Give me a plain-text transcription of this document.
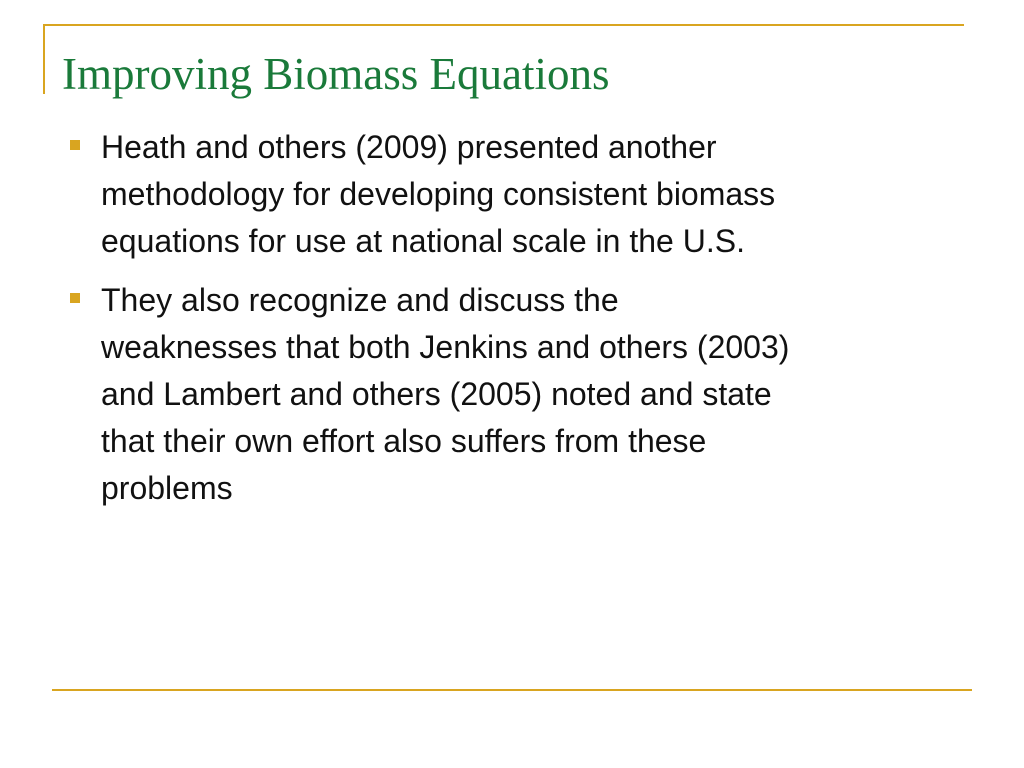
Improving Biomass Equations
Heath and others (2009) presented another
methodology for developing consistent biomass
equations for use at national scale in the U.S.
They also recognize and discuss the
weaknesses that both Jenkins and others (2003)
and Lambert and others (2005) noted and state
that their own effort also suffers from these
problems
